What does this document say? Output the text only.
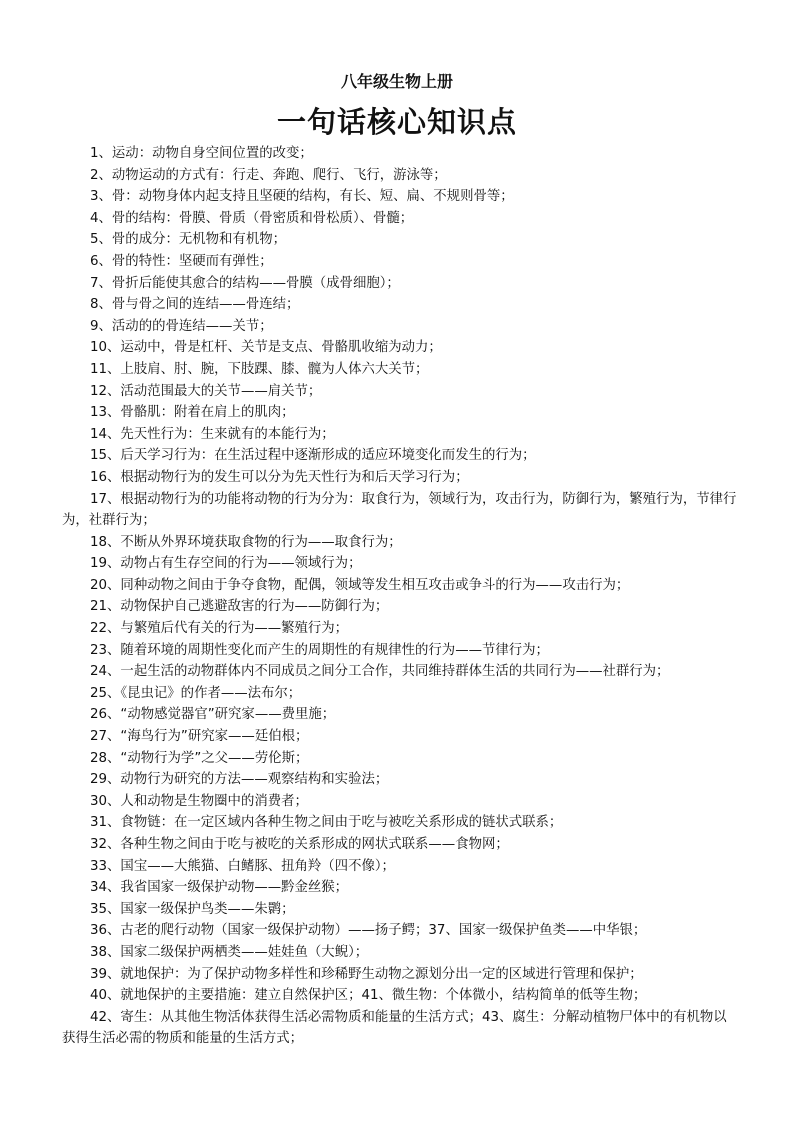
八年级生物上册
一句话核心知识点

1、运动：动物自身空间位置的改变；

2、动物运动的方式有：行走、奔跑、爬行、飞行，游泳等；

3、骨：动物身体内起支持且坚硬的结构，有长、短、扁、不规则骨等；

4、骨的结构：骨膜、骨质（骨密质和骨松质）、骨髓；

5、骨的成分：无机物和有机物；

6、骨的特性：坚硬而有弹性；

7、骨折后能使其愈合的结构——骨膜（成骨细胞）；

8、骨与骨之间的连结——骨连结；

9、活动的的骨连结——关节；

10、运动中，骨是杠杆、关节是支点、骨骼肌收缩为动力；

11、上肢肩、肘、腕，下肢踝、膝、髋为人体六大关节；

12、活动范围最大的关节——肩关节；

13、骨骼肌：附着在肩上的肌肉；

14、先天性行为：生来就有的本能行为；

15、后天学习行为：在生活过程中逐渐形成的适应环境变化而发生的行为；

16、根据动物行为的发生可以分为先天性行为和后天学习行为；

17、根据动物行为的功能将动物的行为分为：取食行为，领域行为，攻击行为，防御行为，繁殖行为，节律行为，社群行为；

18、不断从外界环境获取食物的行为——取食行为；

19、动物占有生存空间的行为——领域行为；

20、同种动物之间由于争夺食物，配偶，领域等发生相互攻击或争斗的行为——攻击行为；

21、动物保护自己逃避敌害的行为——防御行为；

22、与繁殖后代有关的行为——繁殖行为；

23、随着环境的周期性变化而产生的周期性的有规律性的行为——节律行为；

24、一起生活的动物群体内不同成员之间分工合作，共同维持群体生活的共同行为——社群行为；

25、《昆虫记》的作者——法布尔；

26、“动物感觉器官”研究家——费里施；

27、“海鸟行为”研究家——廷伯根；

28、“动物行为学”之父——劳伦斯；

29、动物行为研究的方法——观察结构和实验法；

30、人和动物是生物圈中的消费者；

31、食物链：在一定区域内各种生物之间由于吃与被吃关系形成的链状式联系；

32、各种生物之间由于吃与被吃的关系形成的网状式联系——食物网；

33、国宝——大熊猫、白鳍豚、扭角羚（四不像）；

34、我省国家一级保护动物——黔金丝猴；

35、国家一级保护鸟类——朱鹮；

36、古老的爬行动物（国家一级保护动物）——扬子鳄；37、国家一级保护鱼类——中华银；

38、国家二级保护两栖类——娃娃鱼（大鲵）；

39、就地保护：为了保护动物多样性和珍稀野生动物之源划分出一定的区域进行管理和保护；

40、就地保护的主要措施：建立自然保护区；41、微生物：个体微小，结构简单的低等生物；

42、寄生：从其他生物活体获得生活必需物质和能量的生活方式；43、腐生：分解动植物尸体中的有机物以获得生活必需的物质和能量的生活方式；
